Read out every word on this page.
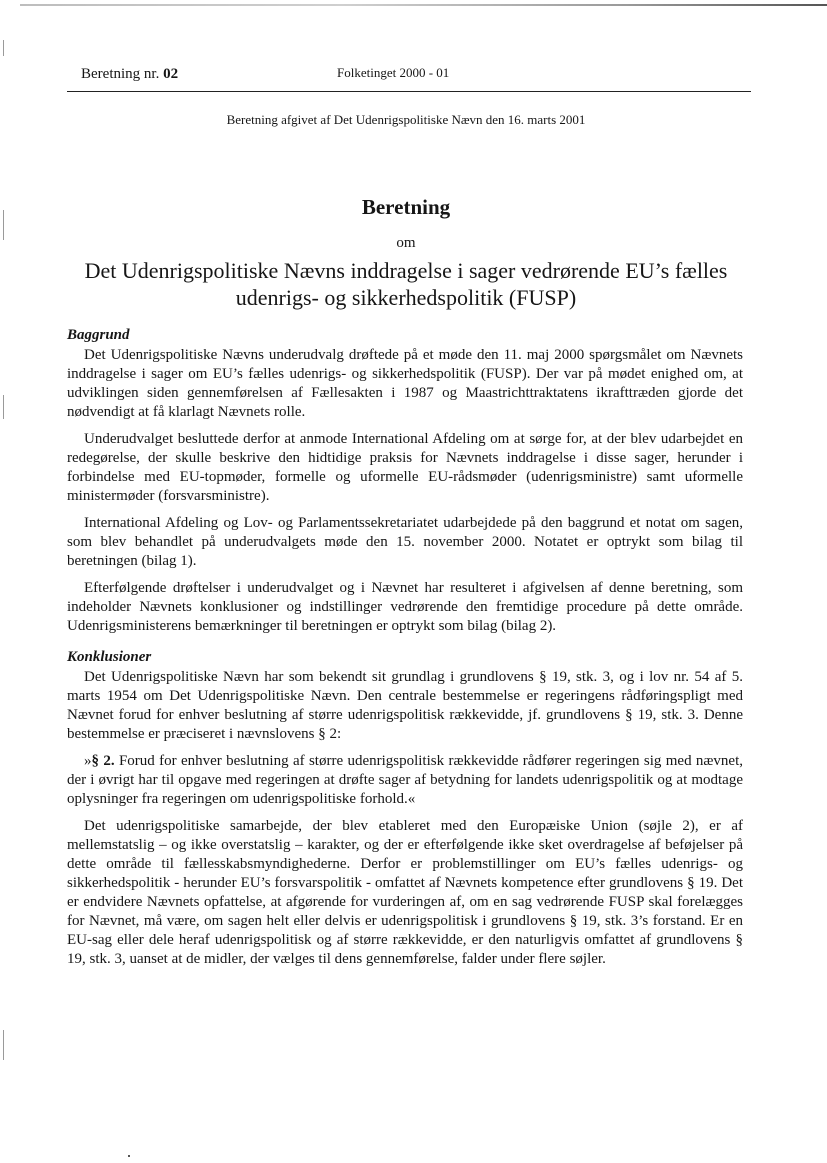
Beretning nr. 02	Folketinget 2000 - 01
Beretning afgivet af Det Udenrigspolitiske Nævn den 16. marts 2001
Beretning
om
Det Udenrigspolitiske Nævns inddragelse i sager vedrørende EU’s fælles udenrigs- og sikkerhedspolitik (FUSP)
Baggrund

Det Udenrigspolitiske Nævns underudvalg drøftede på et møde den 11. maj 2000 spørgsmålet om Nævnets inddragelse i sager om EU’s fælles udenrigs- og sikkerhedspolitik (FUSP). Der var på mødet enighed om, at udviklingen siden gennemførelsen af Fællesakten i 1987 og Maastrichttraktatens ikrafttræden gjorde det nødvendigt at få klarlagt Nævnets rolle.

Underudvalget besluttede derfor at anmode International Afdeling om at sørge for, at der blev udarbejdet en redegørelse, der skulle beskrive den hidtidige praksis for Nævnets inddragelse i disse sager, herunder i forbindelse med EU-topmøder, formelle og uformelle EU-rådsmøder (udenrigsministre) samt uformelle ministermøder (forsvarsministre).

International Afdeling og Lov- og Parlamentssekretariatet udarbejdede på den baggrund et notat om sagen, som blev behandlet på underudvalgets møde den 15. november 2000. Notatet er optrykt som bilag til beretningen (bilag 1).

Efterfølgende drøftelser i underudvalget og i Nævnet har resulteret i afgivelsen af denne beretning, som indeholder Nævnets konklusioner og indstillinger vedrørende den fremtidige procedure på dette område. Udenrigsministerens bemærkninger til beretningen er optrykt som bilag (bilag 2).

Konklusioner

Det Udenrigspolitiske Nævn har som bekendt sit grundlag i grundlovens § 19, stk. 3, og i lov nr. 54 af 5. marts 1954 om Det Udenrigspolitiske Nævn. Den centrale bestemmelse er regeringens rådføringspligt med Nævnet forud for enhver beslutning af større udenrigspolitisk rækkevidde, jf. grundlovens § 19, stk. 3. Denne bestemmelse er præciseret i nævnslovens § 2:

»§ 2. Forud for enhver beslutning af større udenrigspolitisk rækkevidde rådfører regeringen sig med nævnet, der i øvrigt har til opgave med regeringen at drøfte sager af betydning for landets udenrigspolitik og at modtage oplysninger fra regeringen om udenrigspolitiske forhold.«

Det udenrigspolitiske samarbejde, der blev etableret med den Europæiske Union (søjle 2), er af mellemstatslig – og ikke overstatslig – karakter, og der er efterfølgende ikke sket overdragelse af beføjelser på dette område til fællesskabsmyndighederne. Derfor er problemstillinger om EU’s fælles udenrigs- og sikkerhedspolitik - herunder EU’s forsvarspolitik - omfattet af Nævnets kompetence efter grundlovens § 19. Det er endvidere Nævnets opfattelse, at afgørende for vurderingen af, om en sag vedrørende FUSP skal forelægges for Nævnet, må være, om sagen helt eller delvis er udenrigspolitisk i grundlovens § 19, stk. 3’s forstand. Er en EU-sag eller dele heraf udenrigspolitisk og af større rækkevidde, er den naturligvis omfattet af grundlovens § 19, stk. 3, uanset at de midler, der vælges til dens gennemførelse, falder under flere søjler.
